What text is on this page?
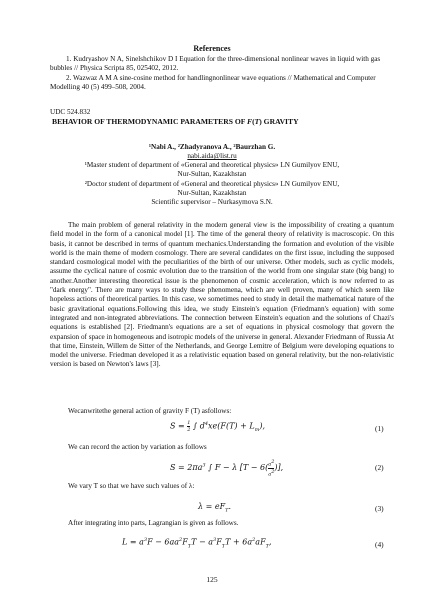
References
1. Kudryashov N A, Sinelshchikov D I Equation for the three-dimensional nonlinear waves in liquid with gas bubbles // Physica Scripta 85, 025402, 2012.
2. Wazwaz A M A sine-cosine method for handlingnonlinear wave equations // Mathematical and Computer Modelling 40 (5) 499–508, 2004.
UDC 524.832
BEHAVIOR OF THERMODYNAMIC PARAMETERS OF F(T) GRAVITY
¹Nabi A., ²Zhadyranova A., ²Baurzhan G.
nabi.aida@list.ru
¹Master student of department of «General and theoretical physics» LN Gumilyov ENU,
Nur-Sultan, Kazakhstan
²Doctor student of department of «General and theoretical physics» LN Gumilyov ENU,
Nur-Sultan, Kazakhstan
Scientific supervisor – Nurkasymova S.N.
The main problem of general relativity in the modern general view is the impossibility of creating a quantum field model in the form of a canonical model [1]. The time of the general theory of relativity is macroscopic. On this basis, it cannot be described in terms of quantum mechanics.Understanding the formation and evolution of the visible world is the main theme of modern cosmology. There are several candidates on the first issue, including the supposed standard cosmological model with the peculiarities of the birth of our universe. Other models, such as cyclic models, assume the cyclical nature of cosmic evolution due to the transition of the world from one singular state (big bang) to another.Another interesting theoretical issue is the phenomenon of cosmic acceleration, which is now referred to as "dark energy". There are many ways to study these phenomena, which are well proven, many of which seem like hopeless actions of theoretical parties. In this case, we sometimes need to study in detail the mathematical nature of the basic gravitational equations.Following this idea, we study Einstein's equation (Friedmann's equation) with some integrated and non-integrated abbreviations. The connection between Einstein's equation and the solutions of Chazi's equations is established [2]. Friedmann's equations are a set of equations in physical cosmology that govern the expansion of space in homogeneous and isotropic models of the universe in general. Alexander Friedmann of Russia At that time, Einstein, Willem de Sitter of the Netherlands, and George Lemitre of Belgium were developing equations to model the universe. Friedman developed it as a relativistic equation based on general relativity, but the non-relativistic version is based on Newton's laws [3].
Wecanwritethe general action of gravity F (T) asfollows:
$S = \frac{1}{2}$ ∫ $d^4xe(F(T) + L_m)$,	(1)
We can record the action by variation as follows
$S = 2\pi a^3$ ∫ F − λ [$T - 6( \frac{a^2}{a^2}$ )],	(2)
We vary T so that we have such values of λ:
$\lambda = eF_T$.	(3)
After integrating into parts, Lagrangian is given as follows.
$L = a^3F - 6aa^2F_TT - a^3F_TT + 6a^2aF_T$,	(4)
125
